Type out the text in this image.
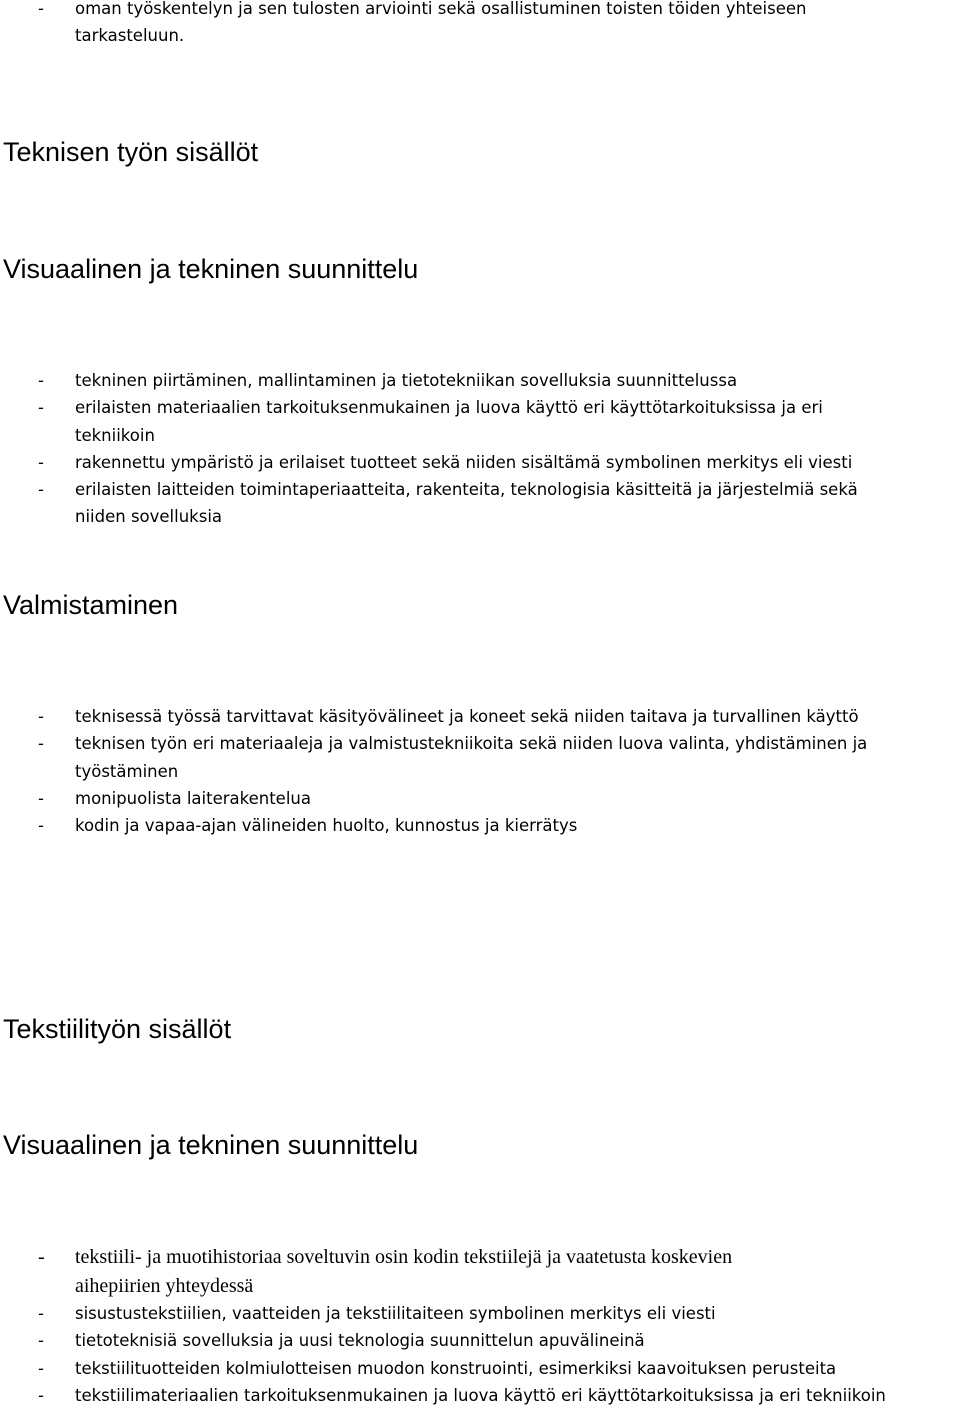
- oman työskentelyn ja sen tulosten arviointi sekä osallistuminen toisten töiden yhteiseen
tarkasteluun.
Teknisen työn sisällöt
Visuaalinen ja tekninen suunnittelu
- tekninen piirtäminen, mallintaminen ja tietotekniikan sovelluksia suunnittelussa
- erilaisten materiaalien tarkoituksenmukainen ja luova käyttö eri käyttötarkoituksissa ja eri
tekniikoin
- rakennettu ympäristö ja erilaiset tuotteet sekä niiden sisältämä symbolinen merkitys eli viesti
- erilaisten laitteiden toimintaperiaatteita, rakenteita, teknologisia käsitteitä ja järjestelmiä sekä
niiden sovelluksia
Valmistaminen
- teknisessä työssä tarvittavat käsityövälineet ja koneet sekä niiden taitava ja turvallinen käyttö
- teknisen työn eri materiaaleja ja valmistustekniikoita sekä niiden luova valinta, yhdistäminen ja
työstäminen
- monipuolista laiterakentelua
- kodin ja vapaa-ajan välineiden huolto, kunnostus ja kierrätys
Tekstiilityön sisällöt
Visuaalinen ja tekninen suunnittelu
- tekstiili- ja muotihistoriaa soveltuvin osin kodin tekstiilejä ja vaatetusta koskevien
aihepiirien yhteydessä
- sisustustekstiilien, vaatteiden ja tekstiilitaiteen symbolinen merkitys eli viesti
- tietoteknisiä sovelluksia ja uusi teknologia suunnittelun apuvälineinä
- tekstiilituotteiden kolmiulotteisen muodon konstruointi, esimerkiksi kaavoituksen perusteita
- tekstiilimateriaalien tarkoituksenmukainen ja luova käyttö eri käyttötarkoituksissa ja eri tekniikoin
